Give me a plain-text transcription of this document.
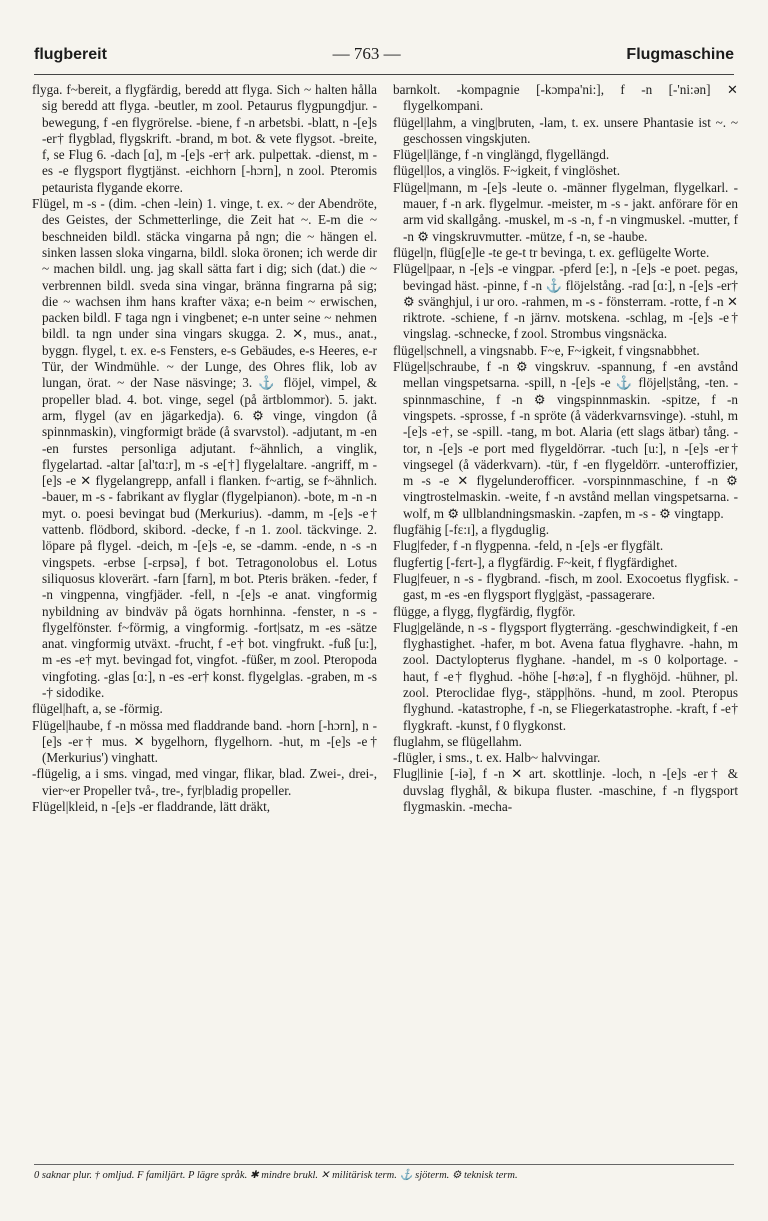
flugbereit	— 763 —	Flugmaschine

flyga. f~bereit, a flygfärdig, beredd att flyga. Sich ~ halten hålla sig beredd att flyga. -beutler, m zool. Petaurus flygpungdjur. -bewegung, f -en flygrörelse. -biene, f -n arbetsbi. -blatt, n -[e]s -er† flygblad, flygskrift. -brand, m bot. & vete flygsot. -breite, f, se Flug 6. -dach [ɑ], m -[e]s -er† ark. pulpettak. -dienst, m -es -e flygsport flygtjänst. -eichhorn [-hɔrn], n zool. Pteromis petaurista flygande ekorre.

Flügel, m -s - (dim. -chen -lein) 1. vinge, t. ex. ~ der Abendröte, des Geistes, der Schmetterlinge, die Zeit hat ~. E-m die ~ beschneiden bildl. stäcka vingarna på ngn; die ~ hängen el. sinken lassen sloka vingarna, bildl. sloka öronen; ich werde dir ~ machen bildl. ung. jag skall sätta fart i dig; sich (dat.) die ~ verbrennen bildl. sveda sina vingar, bränna fingrarna på sig; die ~ wachsen ihm hans krafter växa; e-n beim ~ erwischen, packen bildl. F taga ngn i vingbenet; e-n unter seine ~ nehmen bildl. ta ngn under sina vingars skugga. 2. ✕, mus., anat., byggn. flygel, t. ex. e-s Fensters, e-s Gebäudes, e-s Heeres, e-r Tür, der Windmühle. ~ der Lunge, des Ohres flik, lob av lungan, örat. ~ der Nase näsvinge; 3. ⚓ flöjel, vimpel, & propeller blad. 4. bot. vinge, segel (på ärtblommor). 5. jakt. arm, flygel (av en jägarkedja). 6. ⚙ vinge, vingdon (å spinnmaskin), vingformigt bräde (å svarvstol). -adjutant, m -en -en furstes personliga adjutant. f~ähnlich, a vinglik, flygelartad. -altar [al'tɑ:r], m -s -e[†] flygelaltare. -angriff, m -[e]s -e ✕ flygelangrepp, anfall i flanken. f~artig, se f~ähnlich. -bauer, m -s - fabrikant av flyglar (flygelpianon). -bote, m -n -n myt. o. poesi bevingat bud (Merkurius). -damm, m -[e]s -e† vattenb. flödbord, skibord. -decke, f -n 1. zool. täckvinge. 2. löpare på flygel. -deich, m -[e]s -e, se -damm. -ende, n -s -n vingspets. -erbse [-ɛrpsə], f bot. Tetragonolobus el. Lotus siliquosus kloverärt. -farn [farn], m bot. Pteris bräken. -feder, f -n vingpenna, vingfjäder. -fell, n -[e]s -e anat. vingformig nybildning av bindväv på ögats hornhinna. -fenster, n -s - flygelfönster. f~förmig, a vingformig. -fort|satz, m -es -sätze anat. vingformig utväxt. -frucht, f -e† bot. vingfrukt. -fuß [u:], m -es -e† myt. bevingad fot, vingfot. -füßer, m zool. Pteropoda vingfoting. -glas [ɑ:], n -es -er† konst. flygelglas. -graben, m -s -† sidodike.

flügel|haft, a, se -förmig.

Flügel|haube, f -n mössa med fladdrande band. -horn [-hɔrn], n -[e]s -er† mus. ✕ bygelhorn, flygelhorn. -hut, m -[e]s -e† (Merkurius') vinghatt.

-flügelig, a i sms. vingad, med vingar, flikar, blad. Zwei-, drei-, vier~er Propeller två-, tre-, fyr|bladig propeller.

Flügel|kleid, n -[e]s -er fladdrande, lätt dräkt,

barnkolt. -kompagnie [-kɔmpa'ni:], f -n [-'ni:ən] ✕ flygelkompani.

flügel|lahm, a ving|bruten, -lam, t. ex. unsere Phantasie ist ~. ~ geschossen vingskjuten.

Flügel|länge, f -n vinglängd, flygellängd.

flügel|los, a vinglös. F~igkeit, f vinglöshet.

Flügel|mann, m -[e]s -leute o. -männer flygelman, flygelkarl. -mauer, f -n ark. flygelmur. -meister, m -s - jakt. anförare för en arm vid skallgång. -muskel, m -s -n, f -n vingmuskel. -mutter, f -n ⚙ vingskruvmutter. -mütze, f -n, se -haube.

flügel|n, flüg[e]le -te ge-t tr bevinga, t. ex. geflügelte Worte.

Flügel|paar, n -[e]s -e vingpar. -pferd [e:], n -[e]s -e poet. pegas, bevingad häst. -pinne, f -n ⚓ flöjelstång. -rad [ɑ:], n -[e]s -er† ⚙ svänghjul, i ur oro. -rahmen, m -s - fönsterram. -rotte, f -n ✕ riktrote. -schiene, f -n järnv. motskena. -schlag, m -[e]s -e† vingslag. -schnecke, f zool. Strombus vingsnäcka.

flügel|schnell, a vingsnabb. F~e, F~igkeit, f vingsnabbhet.

Flügel|schraube, f -n ⚙ vingskruv. -spannung, f -en avstånd mellan vingspetsarna. -spill, n -[e]s -e ⚓ flöjel|stång, -ten. -spinnmaschine, f -n ⚙ vingspinnmaskin. -spitze, f -n vingspets. -sprosse, f -n spröte (å väderkvarnsvinge). -stuhl, m -[e]s -e†, se -spill. -tang, m bot. Alaria (ett slags ätbar) tång. -tor, n -[e]s -e port med flygeldörrar. -tuch [u:], n -[e]s -er† vingsegel (å väderkvarn). -tür, f -en flygeldörr. -unteroffizier, m -s -e ✕ flygelunderofficer. -vorspinnmaschine, f -n ⚙ vingtrostelmaskin. -weite, f -n avstånd mellan vingspetsarna. -wolf, m ⚙ ullblandningsmaskin. -zapfen, m -s - ⚙ vingtapp.

flugfähig [-fɛ:ɪ], a flygduglig.

Flug|feder, f -n flygpenna. -feld, n -[e]s -er flygfält.

flugfertig [-fɛrt-], a flygfärdig. F~keit, f flygfärdighet.

Flug|feuer, n -s - flygbrand. -fisch, m zool. Exocoetus flygfisk. -gast, m -es -en flygsport flyg|gäst, -passagerare.

flügge, a flygg, flygfärdig, flygför.

Flug|gelände, n -s - flygsport flygterräng. -geschwindigkeit, f -en flyghastighet. -hafer, m bot. Avena fatua flyghavre. -hahn, m zool. Dactylopterus flyghane. -handel, m -s 0 kolportage. -haut, f -e† flyghud. -höhe [-hø:ə], f -n flyghöjd. -hühner, pl. zool. Pteroclidae flyg-, stäpp|höns. -hund, m zool. Pteropus flyghund. -katastrophe, f -n, se Fliegerkatastrophe. -kraft, f -e† flygkraft. -kunst, f 0 flygkonst.

fluglahm, se flügellahm.

-flügler, i sms., t. ex. Halb~ halvvingar.

Flug|linie [-iə], f -n ✕ art. skottlinje. -loch, n -[e]s -er† & duvslag flyghål, & bikupa fluster. -maschine, f -n flygsport flygmaskin. -mecha-

0 saknar plur. † omljud. F familjärt. P lägre språk. ✱ mindre brukl. ✕ militärisk term. ⚓ sjöterm. ⚙ teknisk term.
